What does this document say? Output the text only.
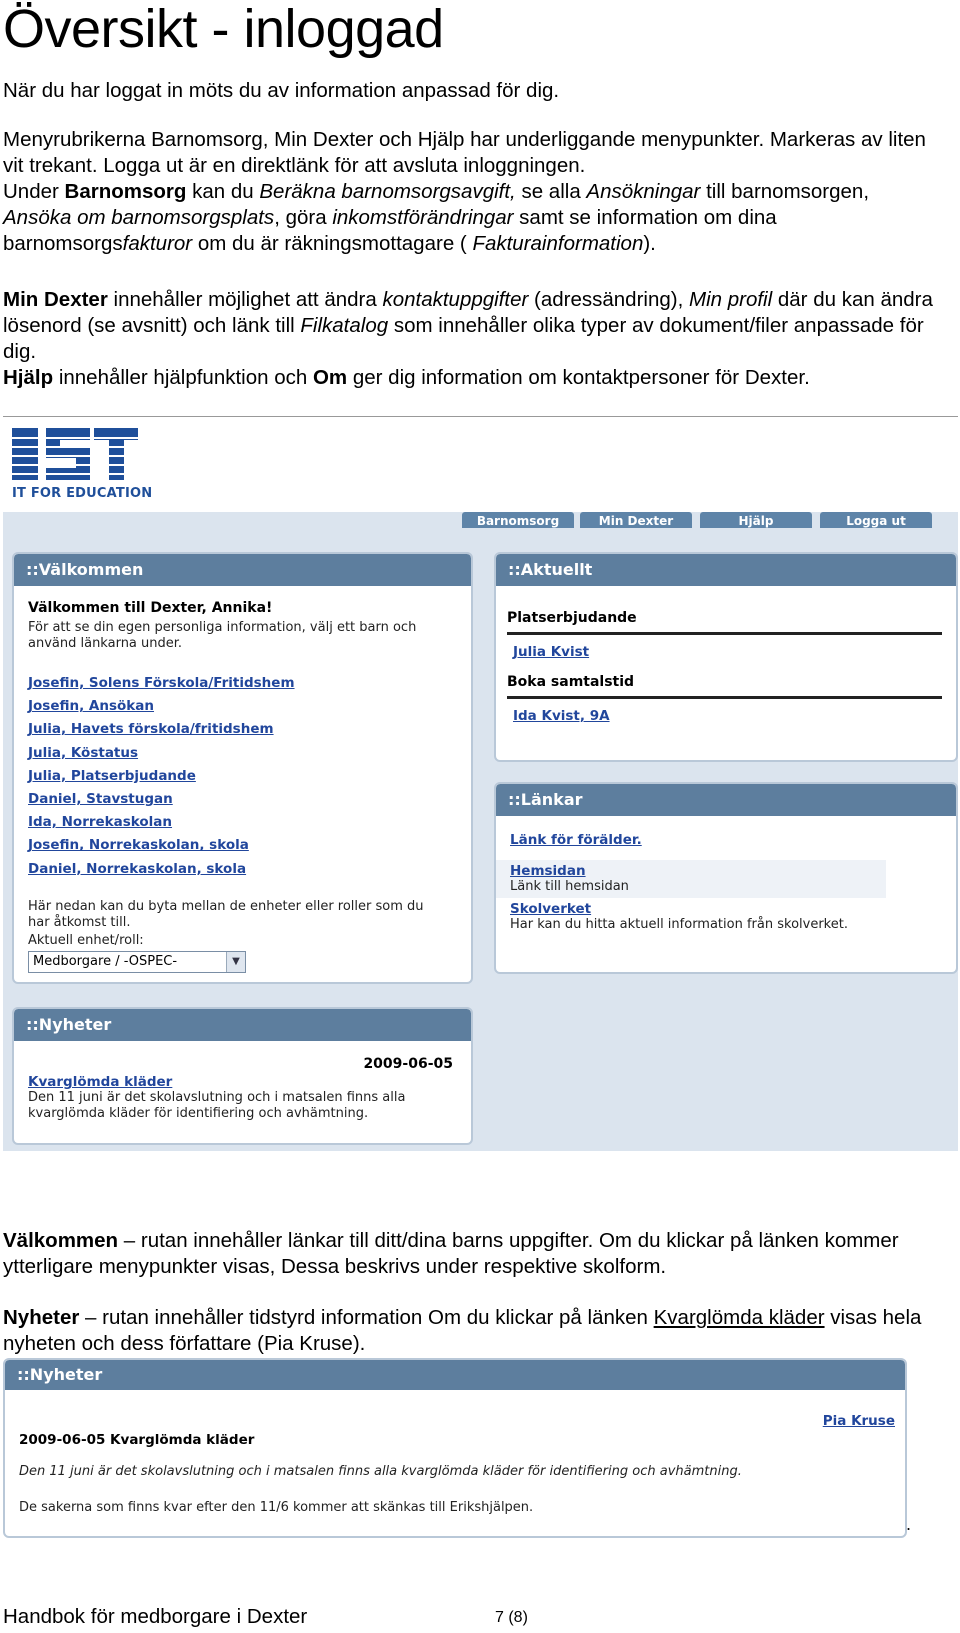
Översikt - inloggad
När du har loggat in möts du av information anpassad för dig.
Menyrubrikerna Barnomsorg, Min Dexter och Hjälp har underliggande menypunkter. Markeras av liten vit trekant. Logga ut är en direktlänk för att avsluta inloggningen.
Under Barnomsorg kan du Beräkna barnomsorgsavgift, se alla Ansökningar till barnomsorgen, Ansöka om barnomsorgsplats, göra inkomstförändringar samt se information om dina barnomsorgsfakturor om du är räkningsmottagare ( Fakturainformation).
Min Dexter innehåller möjlighet att ändra kontaktuppgifter (adressändring), Min profil där du kan ändra lösenord (se avsnitt) och länk till Filkatalog som innehåller olika typer av dokument/filer anpassade för dig.
Hjälp innehåller hjälpfunktion och Om ger dig information om kontaktpersoner för Dexter.
IT FOR EDUCATION
Barnomsorg	Min Dexter	Hjälp	Logga ut
::Välkommen
Välkommen till Dexter, Annika!
För att se din egen personliga information, välj ett barn och använd länkarna under.
Josefin, Solens Förskola/Fritidshem
Josefin, Ansökan
Julia, Havets förskola/fritidshem
Julia, Köstatus
Julia, Platserbjudande
Daniel, Stavstugan
Ida, Norrekaskolan
Josefin, Norrekaskolan, skola
Daniel, Norrekaskolan, skola
Här nedan kan du byta mellan de enheter eller roller som du har åtkomst till.
Aktuell enhet/roll:
Medborgare / -OSPEC-	▼
::Aktuellt
Platserbjudande
Julia Kvist
Boka samtalstid
Ida Kvist, 9A
::Länkar
Länk för förälder.
Hemsidan
Länk till hemsidan
Skolverket
Har kan du hitta aktuell information från skolverket.
::Nyheter
2009-06-05
Kvarglömda kläder
Den 11 juni är det skolavslutning och i matsalen finns alla kvarglömda kläder för identifiering och avhämtning.
Välkommen – rutan innehåller länkar till ditt/dina barns uppgifter. Om du klickar på länken kommer ytterligare menypunkter visas, Dessa beskrivs under respektive skolform.
Nyheter – rutan innehåller tidstyrd information Om du klickar på länken Kvarglömda kläder visas hela nyheten och dess författare (Pia Kruse).
::Nyheter
Pia Kruse
2009-06-05 Kvarglömda kläder
Den 11 juni är det skolavslutning och i matsalen finns alla kvarglömda kläder för identifiering och avhämtning.
De sakerna som finns kvar efter den 11/6 kommer att skänkas till Erikshjälpen.
.
Handbok för medborgare i Dexter	7 (8)
